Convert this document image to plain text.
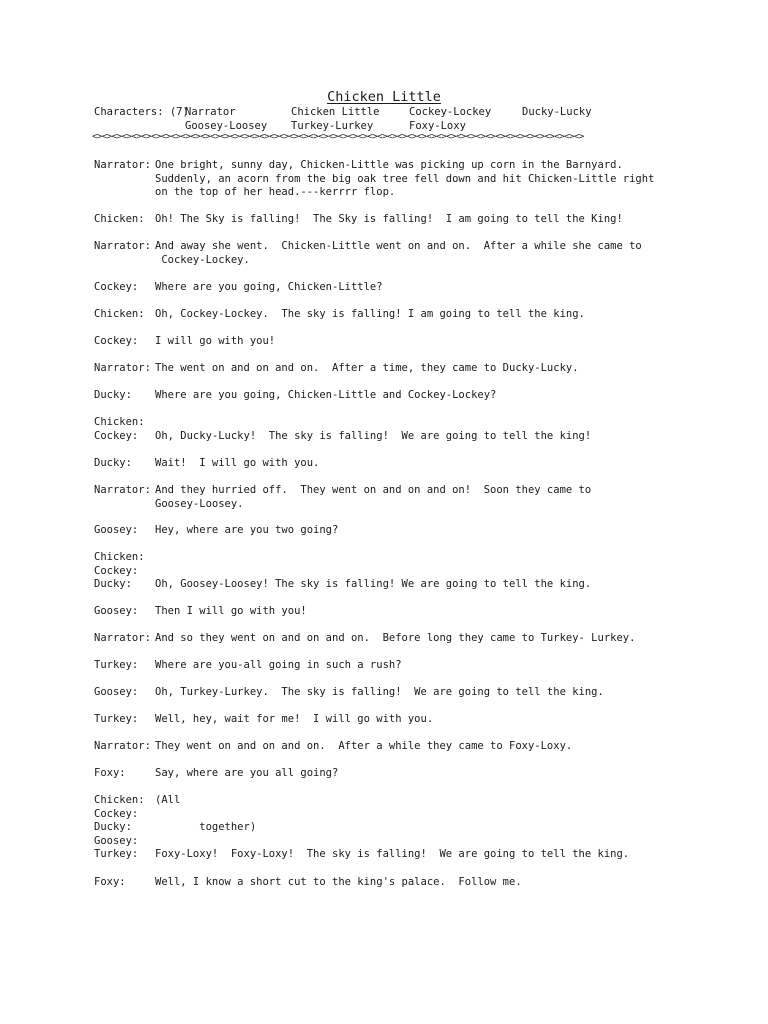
Chicken Little
Characters: (7)
Narrator	Chicken Little	Cockey-Lockey	Ducky-Lucky
Goosey-Loosey Turkey-Lurkey	Foxy-Loxy
<><><><><><><><><><><><><><><><><><><><><><><><><><><><><><><><><><><><><><><><><><><><><><><><><><>
Narrator: One bright, sunny day, Chicken-Little was picking up corn in the Barnyard.
Suddenly, an acorn from the big oak tree fell down and hit Chicken-Little right
on the top of her head.---kerrrr flop.
Chicken: Oh! The Sky is falling!  The Sky is falling!  I am going to tell the King!
Narrator: And away she went.  Chicken-Little went on and on.  After a while she came to
Cockey-Lockey.
Cockey: Where are you going, Chicken-Little?
Chicken: Oh, Cockey-Lockey.  The sky is falling! I am going to tell the king.
Cockey: I will go with you!
Narrator: The went on and on and on.  After a time, they came to Ducky-Lucky.
Ducky: Where are you going, Chicken-Little and Cockey-Lockey?
Chicken:
Cockey: Oh, Ducky-Lucky!  The sky is falling!  We are going to tell the king!
Ducky: Wait!  I will go with you.
Narrator: And they hurried off.  They went on and on and on!  Soon they came to
Goosey-Loosey.
Goosey: Hey, where are you two going?
Chicken:
Cockey:
Ducky: Oh, Goosey-Loosey! The sky is falling! We are going to tell the king.
Goosey: Then I will go with you!
Narrator: And so they went on and on and on.  Before long they came to Turkey- Lurkey.
Turkey: Where are you-all going in such a rush?
Goosey: Oh, Turkey-Lurkey.  The sky is falling!  We are going to tell the king.
Turkey: Well, hey, wait for me!  I will go with you.
Narrator: They went on and on and on.  After a while they came to Foxy-Loxy.
Foxy:	Say, where are you all going?
Chicken: (All
Cockey:
Ducky: together)
Goosey:
Turkey: Foxy-Loxy!  Foxy-Loxy!  The sky is falling!  We are going to tell the king.
Foxy:	Well, I know a short cut to the king's palace.  Follow me.
